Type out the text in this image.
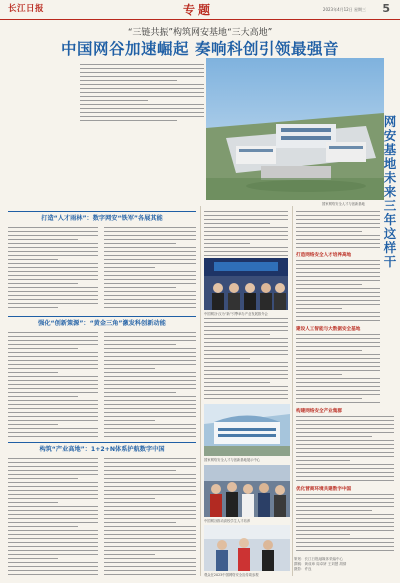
长江日报	专题	2023年4月12日 星期三 5
“三链共振”构筑网安基地“三大高地”
中国网谷加速崛起 奏响科创引领最强音
国家网络安全人才与创新基地
打造“人才雨林”：数字网安“铁军”各展其能
强化“创新策源”：“黄金三角”激发科创新动能
构筑“产业高地”：1+2+N体系护航数字中国
中国网谷·汉为“新”引擎举办产业发展推介会
国家网络安全人才与创新基地展示中心
中国网谷推动高校学生人才培养
观众在2023中国网络安全宣传周参观
网安基地未来三年这样干
打造网络安全人才培养高地
建设人工智能与大数据安全基地
构建网络安全产业集群
优化营商环境共建数字中国
策划：长江日报融媒体采编中心
撰稿：黄成章 周卓妍 王刘慧 胡倩
摄影：许良
